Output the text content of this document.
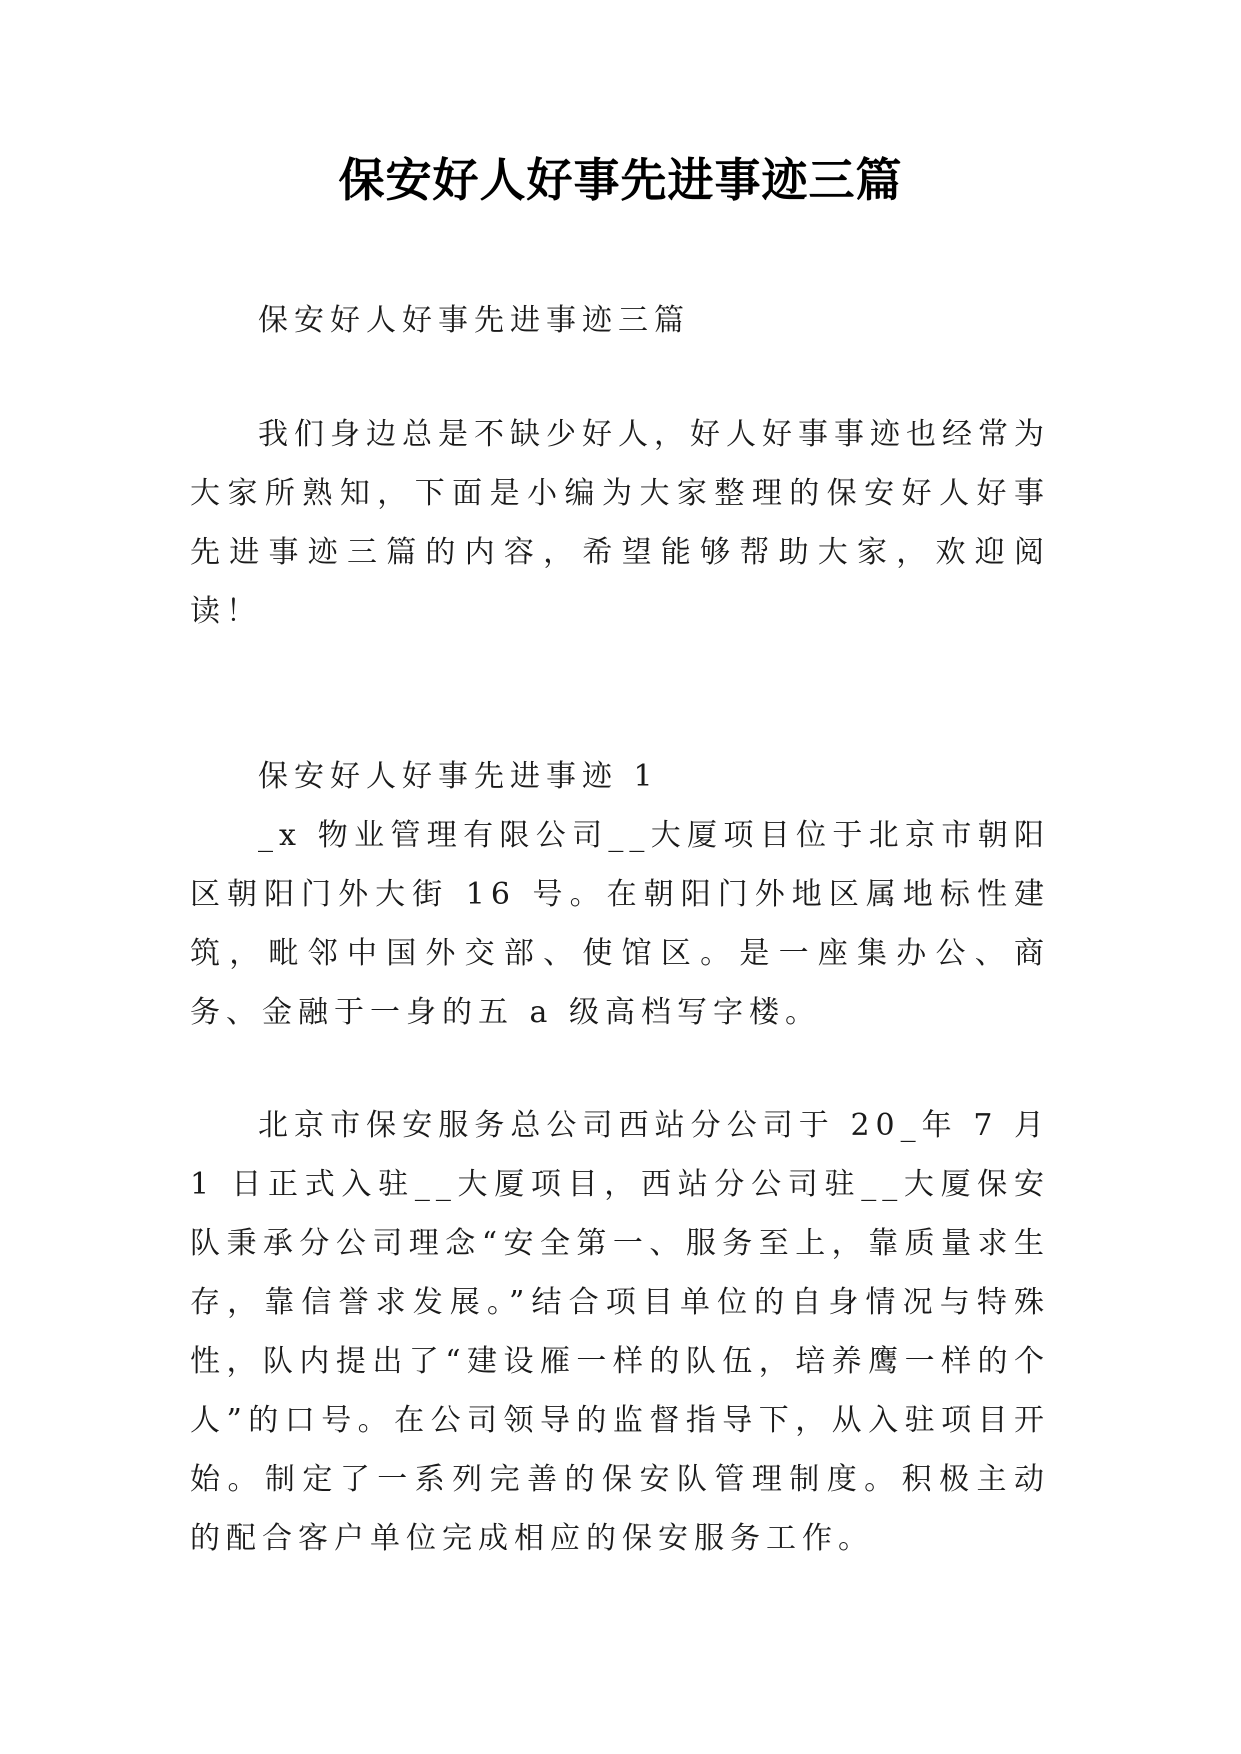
保安好人好事先进事迹三篇

保安好人好事先进事迹三篇

我们身边总是不缺少好人，好人好事事迹也经常为大家所熟知，下面是小编为大家整理的保安好人好事先进事迹三篇的内容，希望能够帮助大家，欢迎阅读！

保安好人好事先进事迹 1

_x 物业管理有限公司__大厦项目位于北京市朝阳区朝阳门外大街 16 号。在朝阳门外地区属地标性建筑，毗邻中国外交部、使馆区。是一座集办公、商务、金融于一身的五 a 级高档写字楼。

北京市保安服务总公司西站分公司于 20_年 7 月 1 日正式入驻__大厦项目，西站分公司驻__大厦保安队秉承分公司理念“安全第一、服务至上，靠质量求生存，靠信誉求发展。”结合项目单位的自身情况与特殊性，队内提出了“建设雁一样的队伍，培养鹰一样的个人”的口号。在公司领导的监督指导下，从入驻项目开始。制定了一系列完善的保安队管理制度。积极主动的配合客户单位完成相应的保安服务工作。
